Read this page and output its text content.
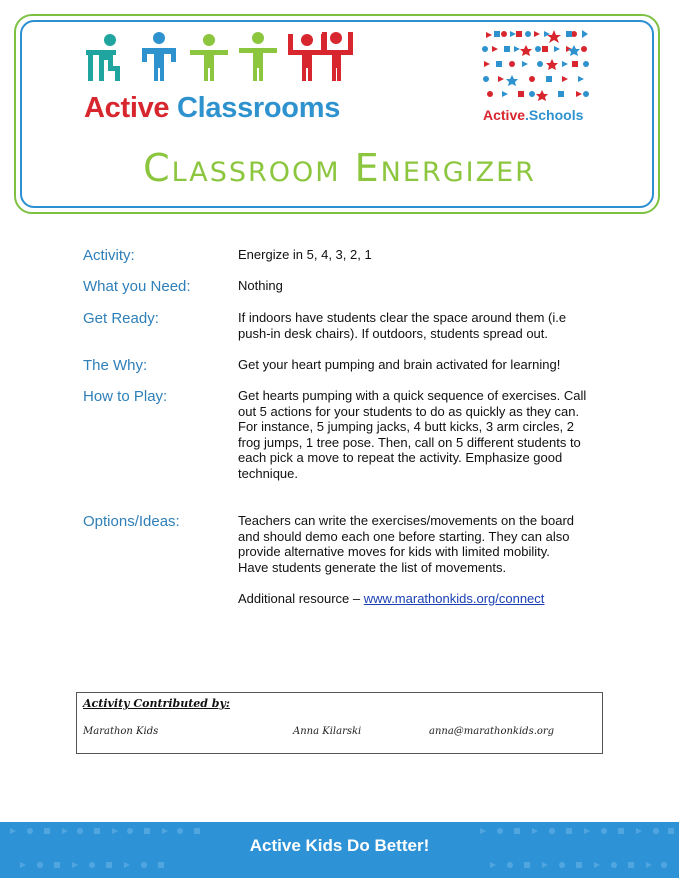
Active Classrooms	Active.Schools
Classroom Energizer
Activity:	Energize in 5, 4, 3, 2, 1
What you Need:	Nothing
Get Ready:	If indoors have students clear the space around them (i.e push-in desk chairs). If outdoors, students spread out.
The Why:	Get your heart pumping and brain activated for learning!
How to Play:	Get hearts pumping with a quick sequence of exercises. Call out 5 actions for your students to do as quickly as they can. For instance, 5 jumping jacks, 4 butt kicks, 3 arm circles, 2 frog jumps, 1 tree pose. Then, call on 5 different students to each pick a move to repeat the activity. Emphasize good technique.
Options/Ideas:	Teachers can write the exercises/movements on the board and should demo each one before starting. They can also provide alternative moves for kids with limited mobility.

Have students generate the list of movements.

Additional resource – www.marathonkids.org/connect

Activity Contributed by:
Marathon Kids	Anna Kilarski	anna@marathonkids.org
Active Kids Do Better!
